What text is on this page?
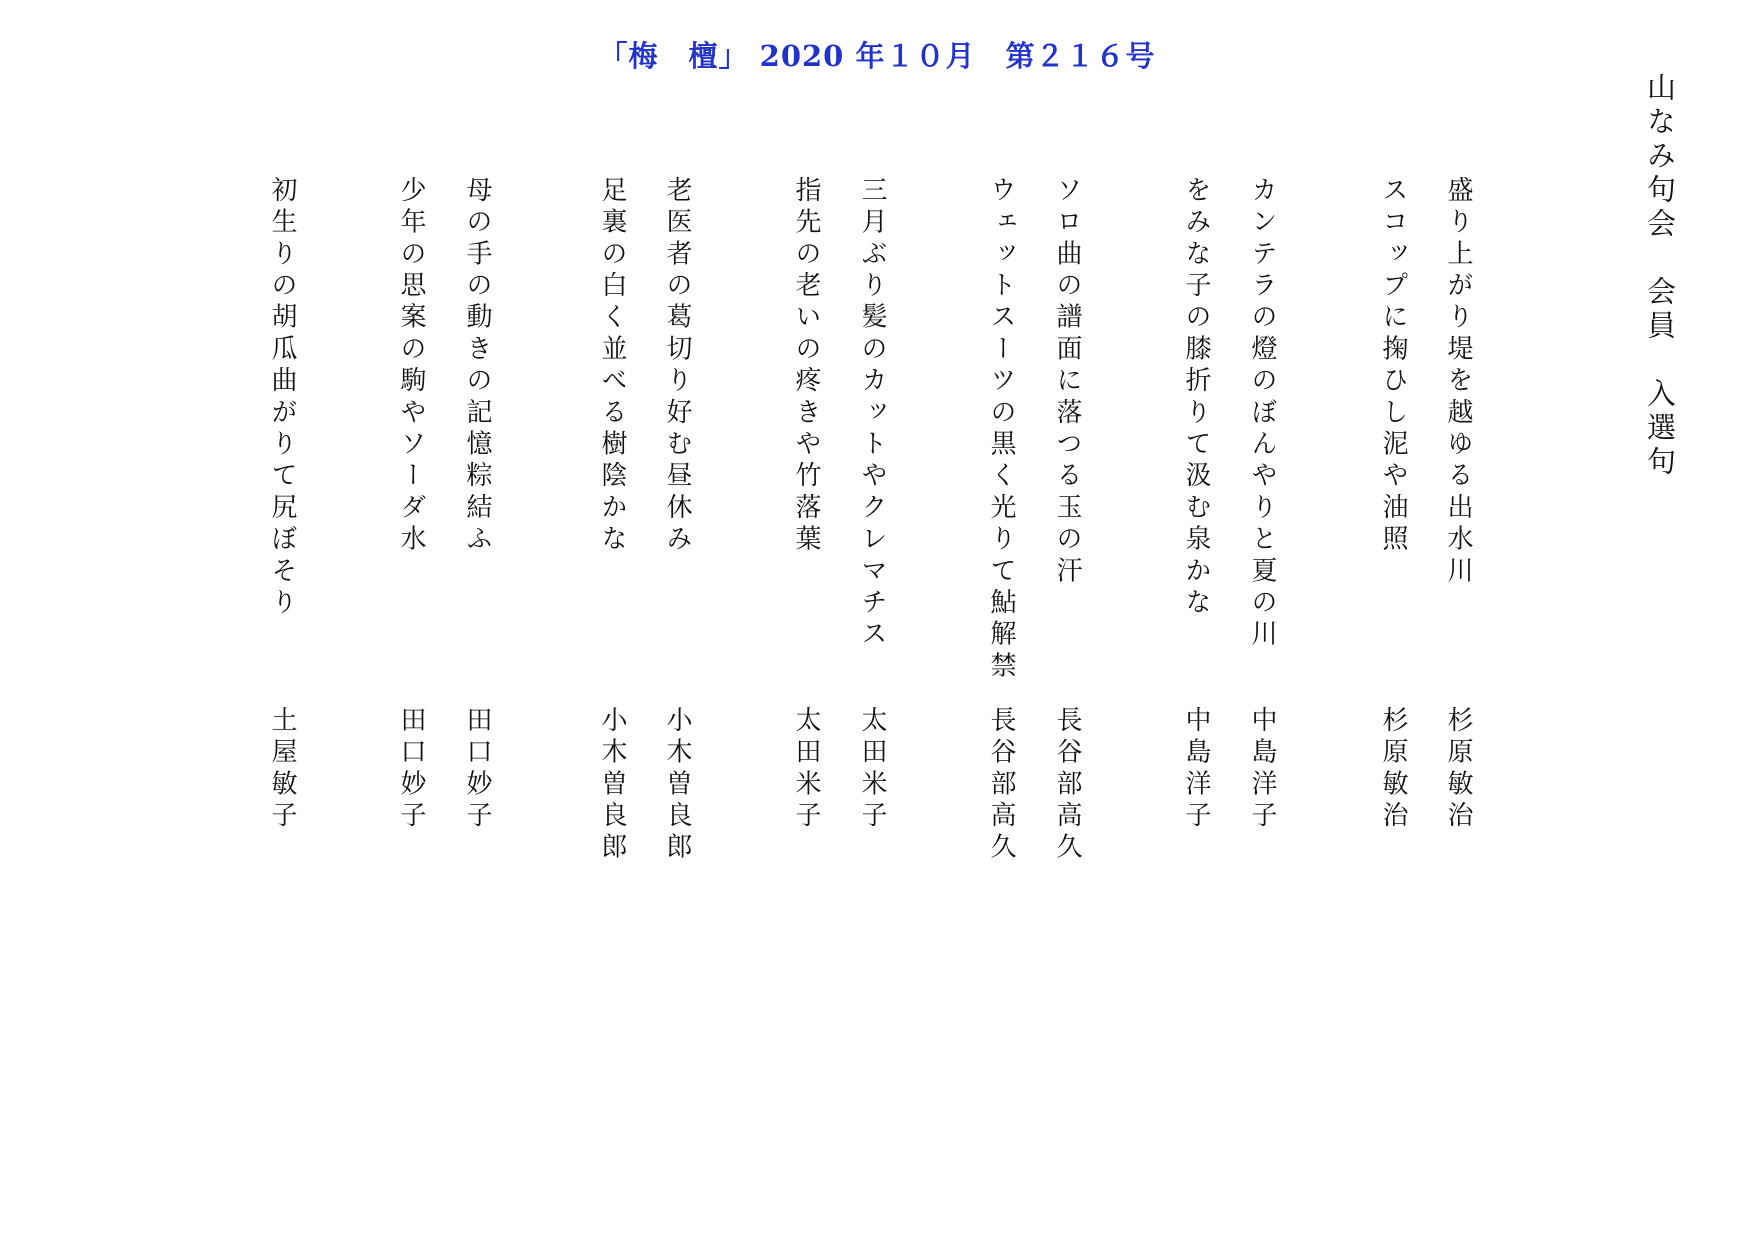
「梅　檀」 2020 年１０月　第２１６号
山なみ句会　会員　入選句
盛り上がり堤を越ゆる出水川
杉原敏治
スコップに掬ひし泥や油照
杉原敏治
カンテラの燈のぼんやりと夏の川
中島洋子
をみな子の膝折りて汲む泉かな
中島洋子
ソロ曲の譜面に落つる玉の汗
長谷部高久
ウェットスーツの黒く光りて鮎解禁
長谷部高久
三月ぶり髪のカットやクレマチス
太田米子
指先の老いの疼きや竹落葉
太田米子
老医者の葛切り好む昼休み
小木曽良郎
足裏の白く並べる樹陰かな
小木曽良郎
母の手の動きの記憶粽結ふ
田口妙子
少年の思案の駒やソーダ水
田口妙子
初生りの胡瓜曲がりて尻ぼそり
土屋敏子
